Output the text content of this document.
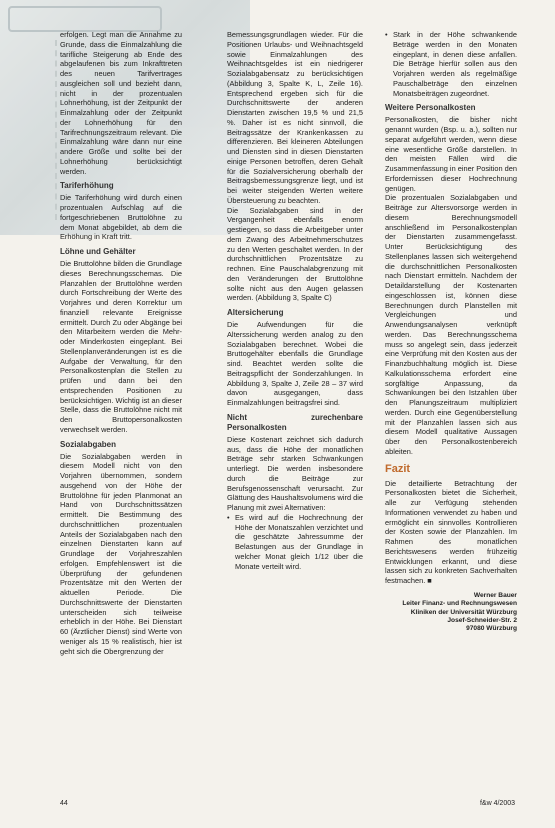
erfolgen. Legt man die Annahme zu Grunde, dass die Einmalzahlung die tarifliche Steigerung ab Ende des abgelaufenen bis zum Inkrafttreten des neuen Tarifvertrages ausgleichen soll und bezieht dann, nicht in der prozentualen Lohnerhöhung, ist der Zeitpunkt der Einmalzahlung oder der Zeitpunkt der Lohnerhöhung für den Tarifrechnungszeitraum relevant. Die Einmalzahlung wäre dann nur eine andere Größe und sollte bei der Lohnerhöhung berücksichtigt werden.

Tariferhöhung

Die Tariferhöhung wird durch einen prozentualen Aufschlag auf die fortgeschriebenen Bruttolöhne zu dem Monat abgebildet, ab dem die Erhöhung in Kraft tritt.

Löhne und Gehälter

Die Bruttolöhne bilden die Grundlage dieses Berechnungsschemas. Die Planzahlen der Bruttolöhne werden durch Fortschreibung der Werte des Vorjahres und deren Korrektur um finanziell relevante Ereignisse ermittelt. Durch Zu oder Abgänge bei den Mitarbeitern werden die Mehr- oder Minderkosten eingeplant. Bei Stellenplanveränderungen ist es die Aufgabe der Verwaltung, für den Personalkostenplan die Stellen zu prüfen und dann bei den entsprechenden Positionen zu berücksichtigen. Wichtig ist an dieser Stelle, dass die Bruttolöhne nicht mit den Bruttopersonalkosten verwechselt werden.

Sozialabgaben

Die Sozialabgaben werden in diesem Modell nicht von den Vorjahren übernommen, sondern ausgehend von der Höhe der Bruttolöhne für jeden Planmonat an Hand von Durchschnittssätzen ermittelt. Die Bestimmung des durchschnittlichen prozentualen Anteils der Sozialabgaben nach den einzelnen Dienstarten kann auf Grundlage der Vorjahreszahlen erfolgen. Empfehlenswert ist die Überprüfung der gefundenen Prozentsätze mit den Werten der aktuellen Periode. Die Durchschnittswerte der Dienstarten unterscheiden sich teilweise erheblich in der Höhe. Bei Dienstart 60 (Ärztlicher Dienst) sind Werte von weniger als 15 % realistisch, hier ist geht sich die Obergrenzung der

Bemessungsgrundlagen wieder. Für die Positionen Urlaubs- und Weihnachtsgeld sowie Einmalzahlungen des Weihnachtsgeldes ist ein niedrigerer Sozialabgabensatz zu berücksichtigen (Abbildung 3, Spalte K, L, Zeile 16). Entsprechend ergeben sich für die Durchschnittswerte der anderen Dienstarten zwischen 19,5 % und 21,5 %. Daher ist es nicht sinnvoll, die Beitragssätze der Krankenkassen zu differenzieren. Bei kleineren Abteilungen und Diensten sind in diesen Dienstarten einige Personen betroffen, deren Gehalt für die Sozialversicherung oberhalb der Beitragsbemessungsgrenze liegt, und ist bei weiter steigenden Werten weitere Übersteuerung zu beachten.

Die Sozialabgaben sind in der Vergangenheit ebenfalls enorm gestiegen, so dass die Arbeitgeber unter dem Zwang des Arbeitnehmerschutzes zu den Werten geschaltet werden. In der durchschnittlichen Prozentsätze zu rechnen. Eine Pauschalabgrenzung mit den Veränderungen der Bruttolöhne sollte nicht aus den Augen gelassen werden. (Abbildung 3, Spalte C)

Altersicherung

Die Aufwendungen für die Alterssicherung werden analog zu den Sozialabgaben berechnet. Wobei die Bruttogehälter ebenfalls die Grundlage sind. Beachtet werden sollte die Beitragspflicht der Sonderzahlungen. In Abbildung 3, Spalte J, Zeile 28 – 37 wird davon ausgegangen, dass Einmalzahlungen beitragsfrei sind.

Nicht zurechenbare Personalkosten

Diese Kostenart zeichnet sich dadurch aus, dass die Höhe der monatlichen Beträge sehr starken Schwankungen unterliegt. Die werden insbesondere durch die Beiträge zur Berufsgenossenschaft verursacht. Zur Glättung des Haushaltsvolumens wird die Planung mit zwei Alternativen:

• Es wird auf die Hochrechnung der Höhe der Monatszahlen verzichtet und die geschätzte Jahressumme der Belastungen aus der Grundlage in welcher Monat gleich 1/12 über die Monate verteilt wird.
• Stark in der Höhe schwankende Beträge werden in den Monaten eingeplant, in denen diese anfallen. Die Beträge hierfür sollen aus den Vorjahren werden als regelmäßige Pauschalbeträge den einzelnen Monatsbeiträgen zugeordnet.
Weitere Personalkosten

Personalkosten, die bisher nicht genannt wurden (Bsp. u. a.), sollten nur separat aufgeführt werden, wenn diese eine wesentliche Größe darstellen. In den meisten Fällen wird die Zusammenfassung in einer Position den Erfordernissen dieser Hochrechnung genügen.

Die prozentualen Sozialabgaben und Beiträge zur Altersvorsorge werden in diesem Berechnungsmodell anschließend im Personalkostenplan der Dienstarten zusammengefasst. Unter Berücksichtigung des Stellenplanes lassen sich weitergehend die durchschnittlichen Personalkosten nach Dienstart ermitteln. Nachdem der Detaildarstellung der Kostenarten eingeschlossen ist, können diese Berechnungen durch Planstellen mit Vergleichungen und Anwendungsanalysen verknüpft werden. Das Berechnungsschema muss so angelegt sein, dass jederzeit eine Verprüfung mit den Kosten aus der Finanzbuchhaltung möglich ist. Diese Kalkulationsschema erfordert eine sorgfältige Anpassung, da Schwankungen bei den Istzahlen über den Planungszeitraum multipliziert werden. Durch eine Gegenüberstellung mit der Planzahlen lassen sich aus diesem Modell qualitative Aussagen über den Personalkostenbereich ableiten.

Fazit

Die detaillierte Betrachtung der Personalkosten bietet die Sicherheit, alle zur Verfügung stehenden Informationen verwendet zu haben und ermöglicht ein sinnvolles Kontrollieren der Kosten sowie der Planzahlen. Im Rahmen des monatlichen Berichtswesens werden frühzeitig Entwicklungen erkannt, und diese lassen sich zu konkreten Sachverhalten festmachen. ■

Werner Bauer
Leiter Finanz- und Rechnungswesen
Kliniken der Universität Würzburg
Josef-Schneider-Str. 2
97080 Würzburg
44	f&w 4/2003
